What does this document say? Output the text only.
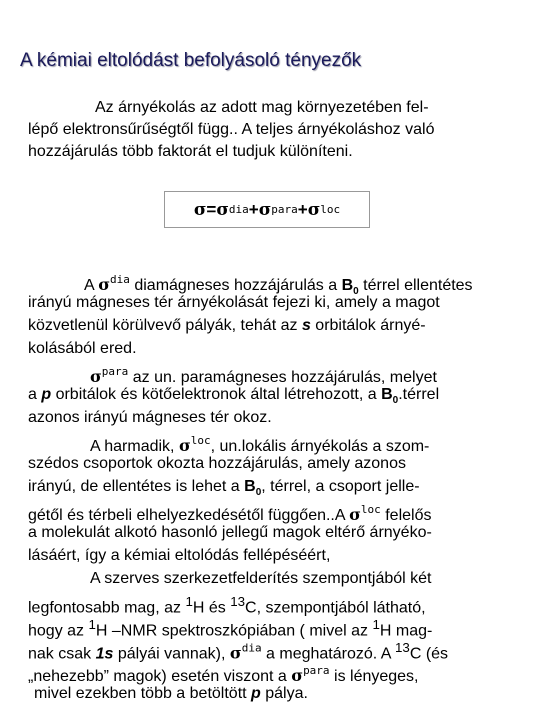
A kémiai eltolódást befolyásoló tényezők
Az árnyékolás az adott mag környezetében fel-
lépő elektronsűrűségtől függ.. A teljes árnyékoláshoz való
hozzájárulás több faktorát el tudjuk különíteni.
σ = σ dia + σ para + σ loc
A $\sigma^{dia}$ diamágneses hozzájárulás a $B_0$ térrel ellentétes
irányú mágneses tér árnyékolását fejezi ki, amely a magot
közvetlenül körülvevő pályák, tehát az s orbitálok árnyé-
kolásából ered.
$\sigma^{para}$ az un. paramágneses hozzájárulás, melyet
a p orbitálok és kötőelektronok által létrehozott, a $B_0.térrel$
azonos irányú mágneses tér okoz.
A harmadik, $\sigma^{loc}$, un.lokális árnyékolás a szom-
szédos csoportok okozta hozzájárulás, amely azonos
irányú, de ellentétes is lehet a $B_0$, térrel, a csoport jelle-
gétől és térbeli elhelyezkedésétől függően..A $\sigma^{loc}$ felelős
a molekulát alkotó hasonló jellegű magok eltérő árnyéko-
lásáért, így a kémiai eltolódás fellépéséért,
A szerves szerkezetfelderítés szempontjából két
legfontosabb mag, az $^1$H és $^{13}$C, szempontjából látható,
hogy az $^1$H –NMR spektroszkópiában ( mivel az $^1$H mag-
nak csak 1s pályái vannak), $\sigma^{dia}$ a meghatározó. A $^{13}$C (és
„nehezebb” magok) esetén viszont a $\sigma^{para}$ is lényeges,
mivel ezekben több a betöltött p pálya.
